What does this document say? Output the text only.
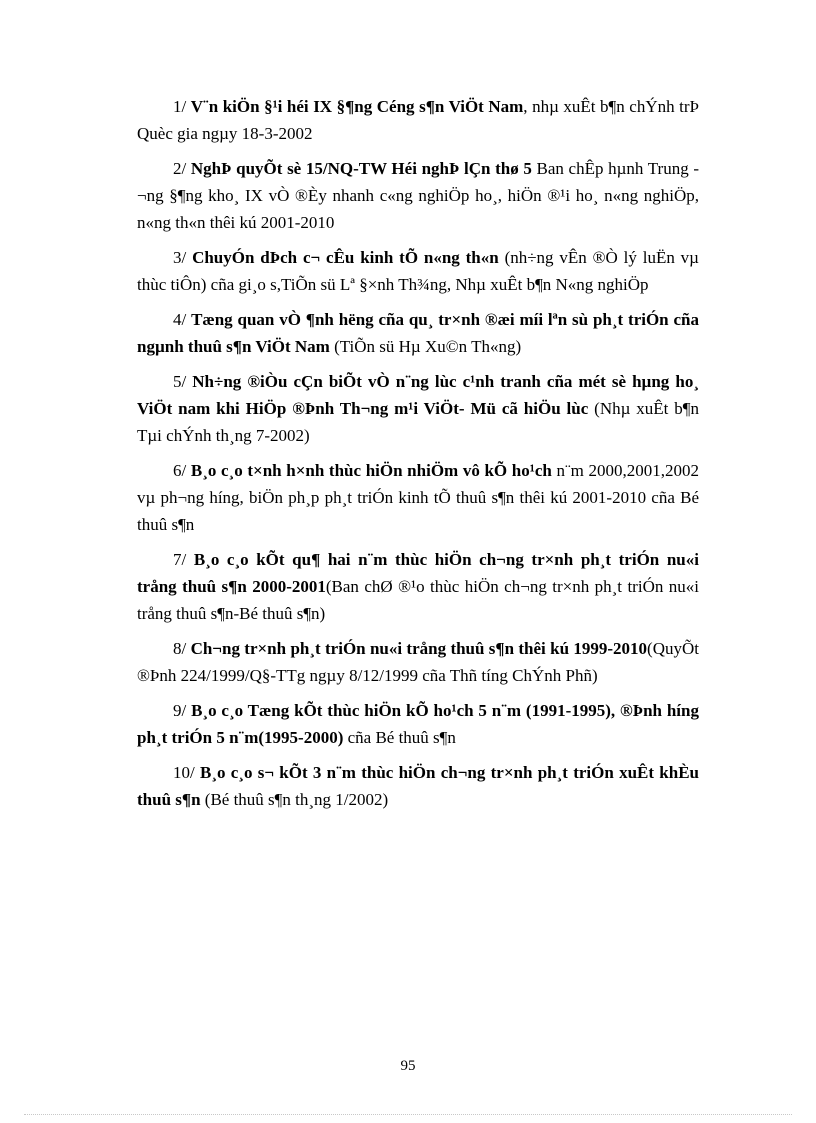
1/ V¨n kiÖn §¹i héi IX §¶ng Céng s¶n ViÖt Nam, nhµ xuÊt b¶n chÝnh trÞ Quèc gia ngµy 18-3-2002
2/ NghÞ quyÕt sè 15/NQ-TW Héi nghÞ lÇn thø 5 Ban chÊp hµnh Trung ¬ng §¶ng kho¸ IX vÒ ®Èy nhanh c«ng nghiÖp ho¸, hiÖn ®¹i ho¸ n«ng nghiÖp, n«ng th«n thêi kú 2001-2010
3/ ChuyÓn dÞch c¬ cÊu kinh tÕ n«ng th«n (nh÷ng vÊn ®Ò lý luËn vµ thùc tiÔn) cña gi¸o s,TiÕn sü Lª §×nh Th¾ng, Nhµ xuÊt b¶n N«ng nghiÖp
4/ Tæng quan vÒ ¶nh hëng cña qu¸ tr×nh ®æi míi lªn sù ph¸t triÓn cña ngµnh thuû s¶n ViÖt Nam (TiÕn sü Hµ Xu©n Th«ng)
5/ Nh÷ng ®iÒu cÇn biÕt vÒ n¨ng lùc c¹nh tranh cña mét sè hµng ho¸ ViÖt nam khi HiÖp ®Þnh Th¬ng m¹i ViÖt- Mü cã hiÖu lùc (Nhµ xuÊt b¶n Tµi chÝnh th¸ng 7-2002)
6/ B¸o c¸o t×nh h×nh thùc hiÖn nhiÖm vô kÕ ho¹ch n¨m 2000,2001,2002 vµ ph¬ng híng, biÖn ph¸p ph¸t triÓn kinh tÕ thuû s¶n thêi kú 2001-2010 cña Bé thuû s¶n
7/ B¸o c¸o kÕt qu¶ hai n¨m thùc hiÖn ch¬ng tr×nh ph¸t triÓn nu«i trång thuû s¶n 2000-2001(Ban chØ ®¹o thùc hiÖn ch¬ng tr×nh ph¸t triÓn nu«i trång thuû s¶n-Bé thuû s¶n)
8/ Ch¬ng tr×nh ph¸t triÓn nu«i trång thuû s¶n thêi kú 1999-2010(QuyÕt ®Þnh 224/1999/Q§-TTg ngµy 8/12/1999 cña Thñ tíng ChÝnh Phñ)
9/ B¸o c¸o Tæng kÕt thùc hiÖn kÕ ho¹ch 5 n¨m (1991-1995), ®Þnh híng ph¸t triÓn 5 n¨m(1995-2000) cña Bé thuû s¶n
10/ B¸o c¸o s¬ kÕt 3 n¨m thùc hiÖn ch¬ng tr×nh ph¸t triÓn xuÊt khÈu thuû s¶n (Bé thuû s¶n th¸ng 1/2002)
95
